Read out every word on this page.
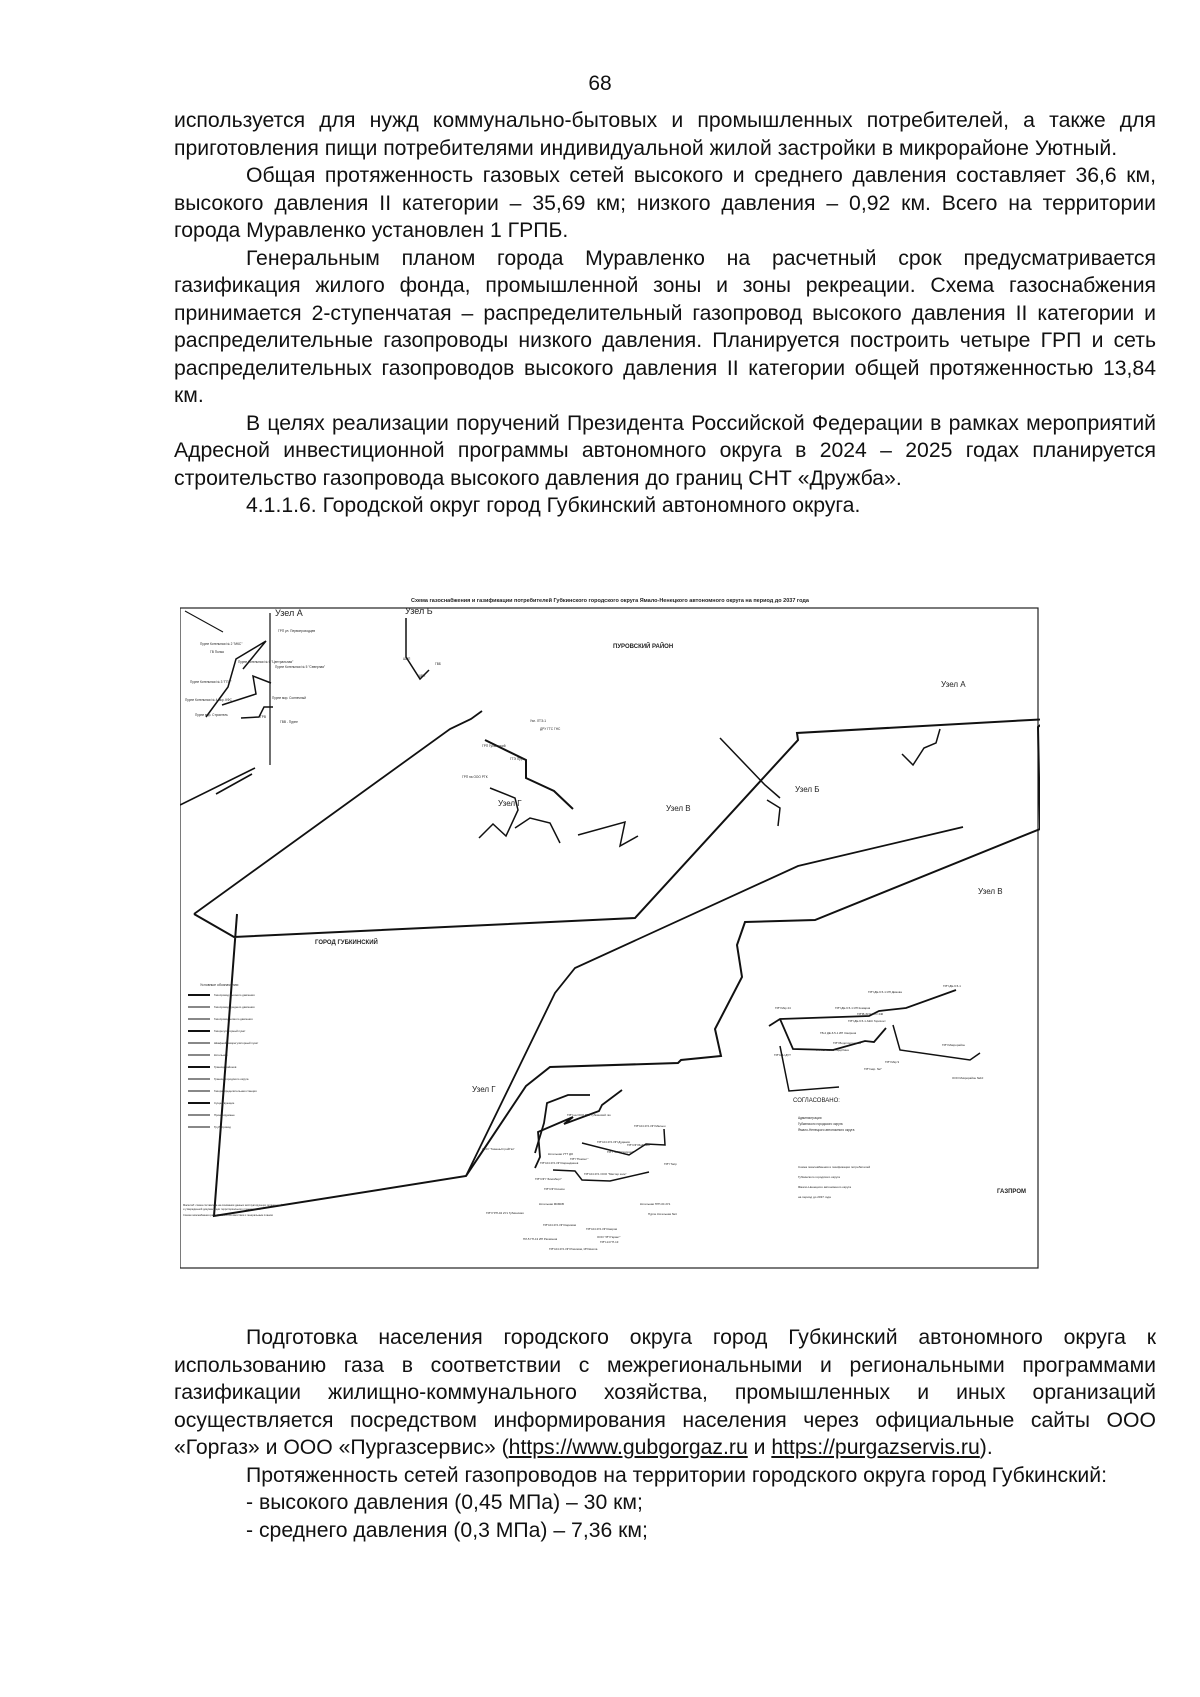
68

используется для нужд коммунально-бытовых и промышленных потребителей, а также для приготовления пищи потребителями индивидуальной жилой застройки в микрорайоне Уютный.

Общая протяженность газовых сетей высокого и среднего давления составляет 36,6 км, высокого давления II категории – 35,69 км; низкого давления – 0,92 км. Всего на территории города Муравленко установлен 1 ГРПБ.

Генеральным планом города Муравленко на расчетный срок предусматривается газификация жилого фонда, промышленной зоны и зоны рекреации. Схема газоснабжения принимается 2-ступенчатая – распределительный газопровод высокого давления II категории и распределительные газопроводы низкого давления. Планируется построить четыре ГРП и сеть распределительных газопроводов высокого давления II категории общей протяженностью 13,84 км.

В целях реализации поручений Президента Российской Федерации в рамках мероприятий Адресной инвестиционной программы автономного округа в 2024 – 2025 годах планируется строительство газопровода высокого давления до границ СНТ «Дружба».

4.1.1.6. Городской округ город Губкинский автономного округа.

Схема газоснабжения и газификации потребителей Губкинского городского округа Ямало-Ненецкого автономного округа на период до 2037 года
Узел А	Узел Б
ПУРОВСКИЙ РАЙОН
ГОРОД ГУБКИНСКИЙ
Узел А
Узел Б
Узел В
Узел Г
Узел В
Узел Г
СОГЛАСОВАНО:
ГАЗПРОМ
Условные обозначения:
Администрация
Губкинского городского округа
Ямало-Ненецкого автономного округа
Схема газоснабжения и газификации потребителей
Губкинского городского округа
Ямало-Ненецкого автономного округа
на период до 2037 года
Газопровод высокого давления
Газопровод среднего давления
Газопровод низкого давления
Газорегуляторный пункт
Шкафной газорегуляторный пункт
Котельная
Граница районов
Граница городского округа
Газораспределительная станция
Существующие
Проектируемые
Трубопровод
Масштаб: схема составлена на основании данных эксплуатирующих организаций
и утвержденной документации территориального планирования
Схема газоснабжения разработана в соответствии с генеральным планом
ГРП ул. Первопроходцев
Пурпе Котельная № 2 "МКС"
ГВ Полка
Пурпе Котельная № 6 "Центральная"
Пурпе Котельная № 5 "Северная"
Пурпе Котельная № 3 "ГПЗ"
Пурпе мкр. Солнечный
Пурпе Котельная № 4 мкр. КФС
Пурпе мкр. Строитель
ГВВ - Пурпе
ГРВ
ШРП
ГВБ
ШРП
ГРП Губкинский
ГТЭ Пурт
ГРП на ООО РТК
Узл. ЛТЭ-1
ДРУ ГТС ГНС
ГРП ДЕ-6.5-1 ИП Димова
ГРП ДЕ-6.5-1
ГРП ДЕ-6.5-1 ИП Комаров
ГРП ДЕ-6.5-1 АЖК Горизонт
ГРПБ ЗКЭ ИТО 440
ГРП Мкр 24
ГВ-2 ДЕ-6.5-1 ИП Смирнов
ГРП-БН 21 ИП Щербина
ГРП Водоподготовка
ГРП-БН ДУТ
ГРП Микрорайон
ГРП мкр. №7
ГРП Мкр 9
ООО Микрорайон №10
ГРП на ООО РТК Губкинский газ
ГРП-04 2У1 ИП Малыш
ГРП-04 2У1 ИП Дуданов
ГРП ИП Бабенко
ГРП Тапр
ООО "ТюменьСтройГаз"
Котельная УТТ ДО	ГРП "ОРП Газпром"
ГРП "Ремонт"
ГРП-04 2У1 ИП Карандашев
ГРП ИП "Зингаберг"
ГРП-04 2У1 ООО "Мастер шин"
ГРП ИП Кочкин
Котельная МКМКВ	Котельная ГРП-04 2У1
ГРП ГРП-04 2У1 Губкинская
ГРП-04 2У1 ИП Каримов
ООО "РП Гарант"
ГРП-04 2У1 ИП Каиров
ГРП-04 2У1 ИП Рахимов, ИП Школа
ГРП-14 ГП-13
ПЛ-5 ГП-13 ИП Рахмонов
Пурпе Котельная №4

Подготовка населения городского округа город Губкинский автономного округа к использованию газа в соответствии с межрегиональными и региональными программами газификации жилищно-коммунального хозяйства, промышленных и иных организаций осуществляется посредством информирования населения через официальные сайты ООО «Горгаз» и ООО «Пургазсервис» (https://www.gubgorgaz.ru и https://purgazservis.ru).

Протяженность сетей газопроводов на территории городского округа город Губкинский:

- высокого давления (0,45 МПа) – 30 км;

- среднего давления (0,3 МПа) – 7,36 км;
